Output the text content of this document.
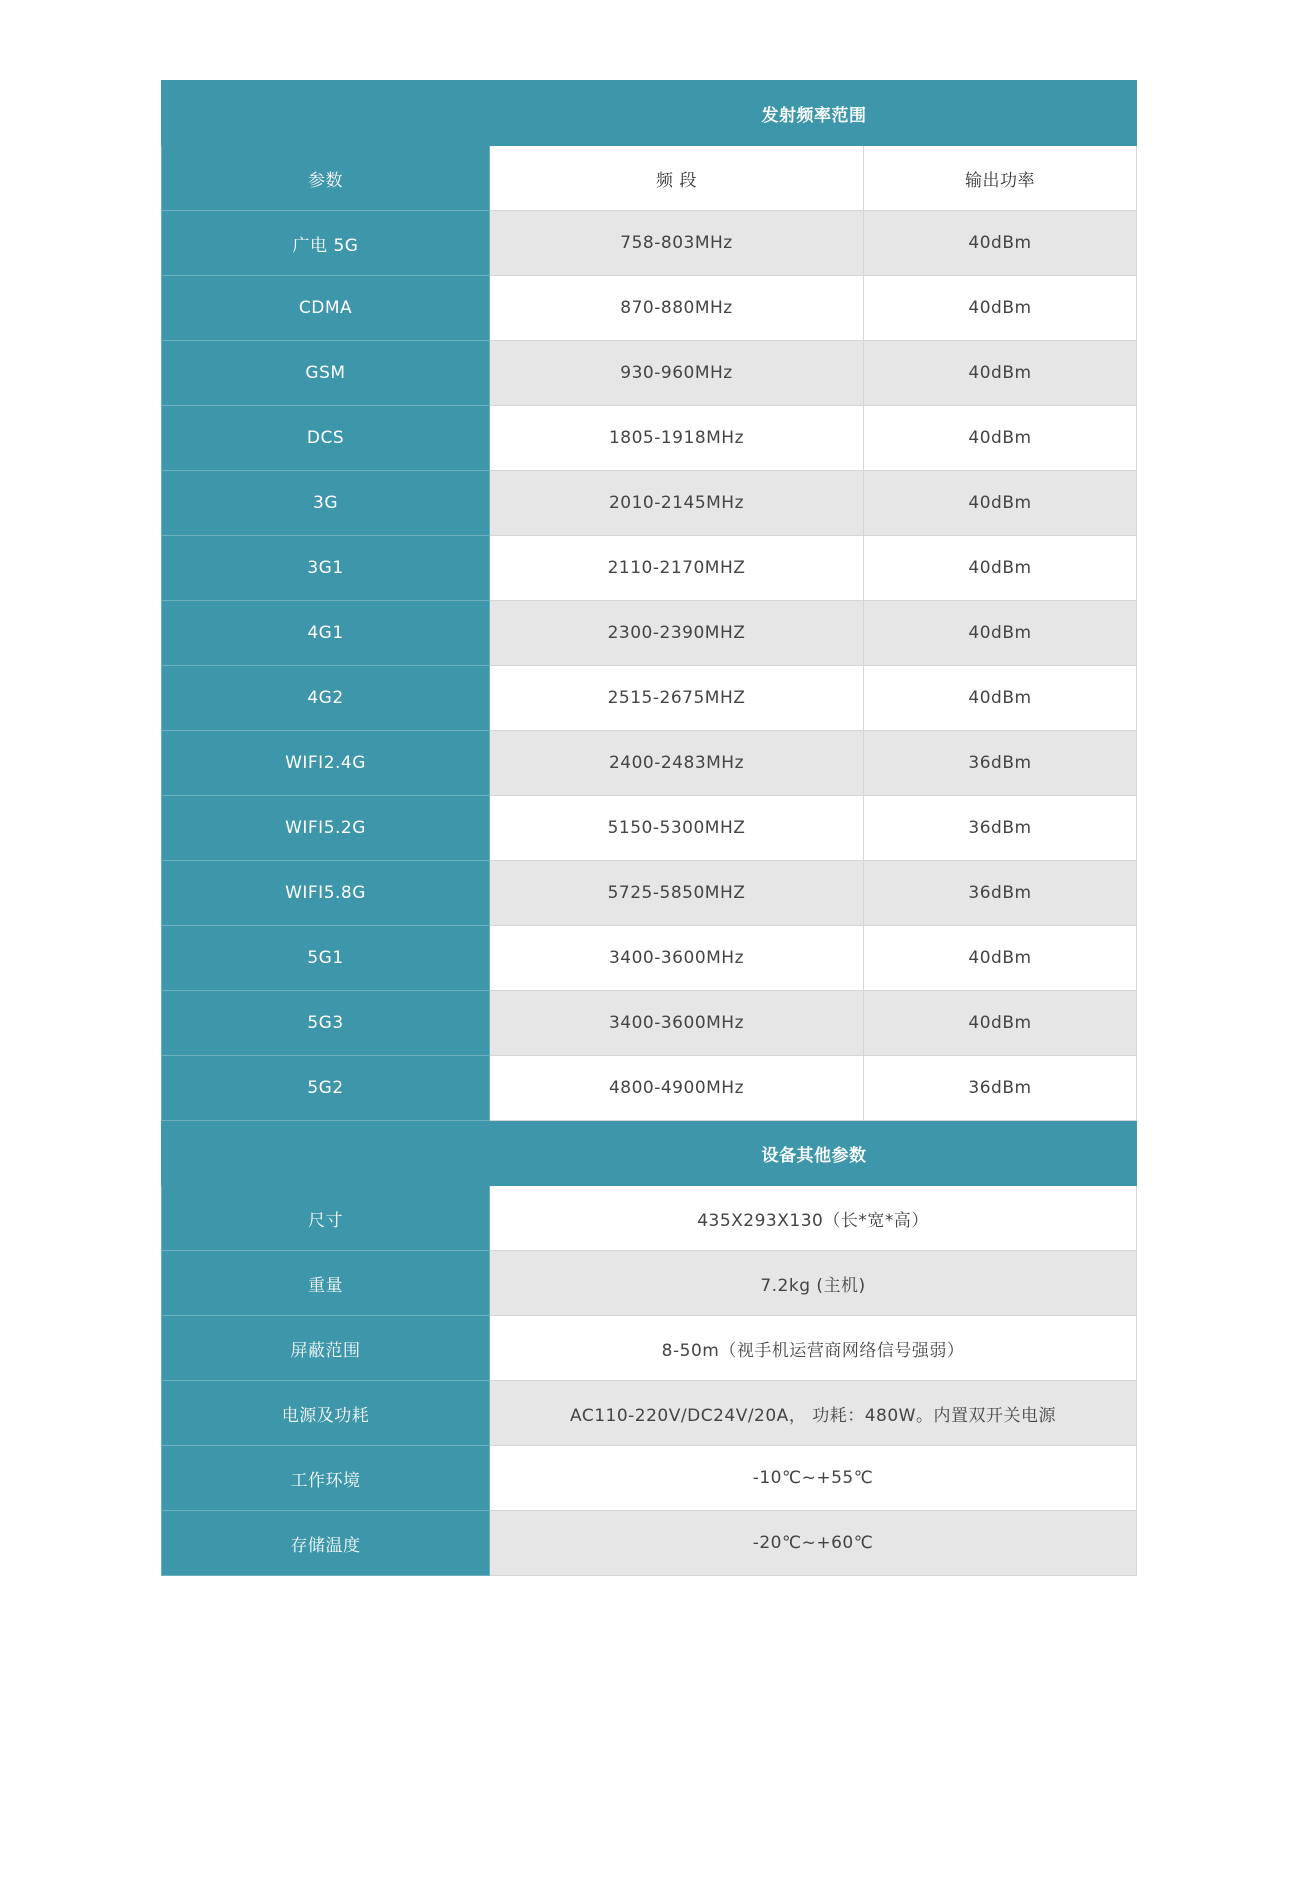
发射频率范围		
参数	频 段	输出功率
广电 5G	758-803MHz	40dBm
CDMA	870-880MHz	40dBm
GSM	930-960MHz	40dBm
DCS	1805-1918MHz	40dBm
3G	2010-2145MHz	40dBm
3G1	2110-2170MHZ	40dBm
4G1	2300-2390MHZ	40dBm
4G2	2515-2675MHZ	40dBm
WIFI2.4G	2400-2483MHz	36dBm
WIFI5.2G	5150-5300MHZ	36dBm
WIFI5.8G	5725-5850MHZ	36dBm
5G1	3400-3600MHz	40dBm
5G3	3400-3600MHz	40dBm
5G2	4800-4900MHz	36dBm
设备其他参数		
尺寸	435X293X130（长*宽*高）	
重量	7.2kg (主机)	
屏蔽范围	8-50m（视手机运营商网络信号强弱）	
电源及功耗	AC110-220V/DC24V/20A， 功耗：480W。内置双开关电源	
工作环境	-10℃~+55℃	
存储温度	-20℃~+60℃	
